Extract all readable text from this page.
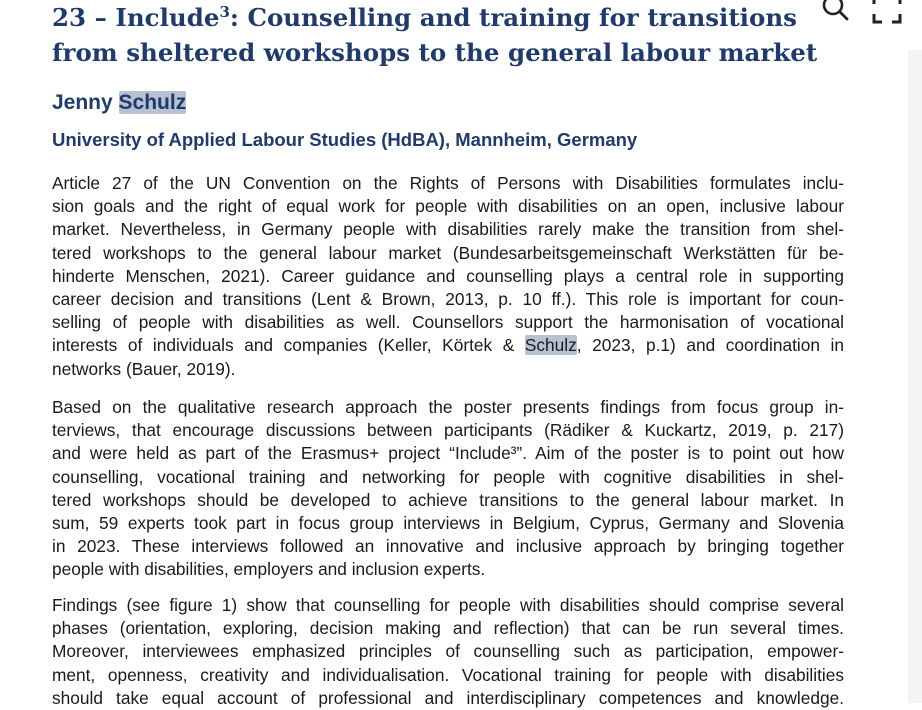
23 – Include$^3$: Counselling and training for transitions from sheltered workshops to the general labour market

Jenny Schulz

University of Applied Labour Studies (HdBA), Mannheim, Germany

Article 27 of the UN Convention on the Rights of Persons with Disabilities formulates inclu-
sion goals and the right of equal work for people with disabilities on an open, inclusive labour
market. Nevertheless, in Germany people with disabilities rarely make the transition from shel-
tered workshops to the general labour market (Bundesarbeitsgemeinschaft Werkstätten für be-
hinderte Menschen, 2021). Career guidance and counselling plays a central role in supporting
career decision and transitions (Lent & Brown, 2013, p. 10 ff.). This role is important for coun-
selling of people with disabilities as well. Counsellors support the harmonisation of vocational
interests of individuals and companies (Keller, Körtek & Schulz, 2023, p.1) and coordination in
networks (Bauer, 2019).
Based on the qualitative research approach the poster presents findings from focus group in-
terviews, that encourage discussions between participants (Rädiker & Kuckartz, 2019, p. 217)
and were held as part of the Erasmus+ project “Include³”. Aim of the poster is to point out how
counselling, vocational training and networking for people with cognitive disabilities in shel-
tered workshops should be developed to achieve transitions to the general labour market. In
sum, 59 experts took part in focus group interviews in Belgium, Cyprus, Germany and Slovenia
in 2023. These interviews followed an innovative and inclusive approach by bringing together
people with disabilities, employers and inclusion experts.
Findings (see figure 1) show that counselling for people with disabilities should comprise several
phases (orientation, exploring, decision making and reflection) that can be run several times.
Moreover, interviewees emphasized principles of counselling such as participation, empower-
ment, openness, creativity and individualisation. Vocational training for people with disabilities
should take equal account of professional and interdisciplinary competences and knowledge.
